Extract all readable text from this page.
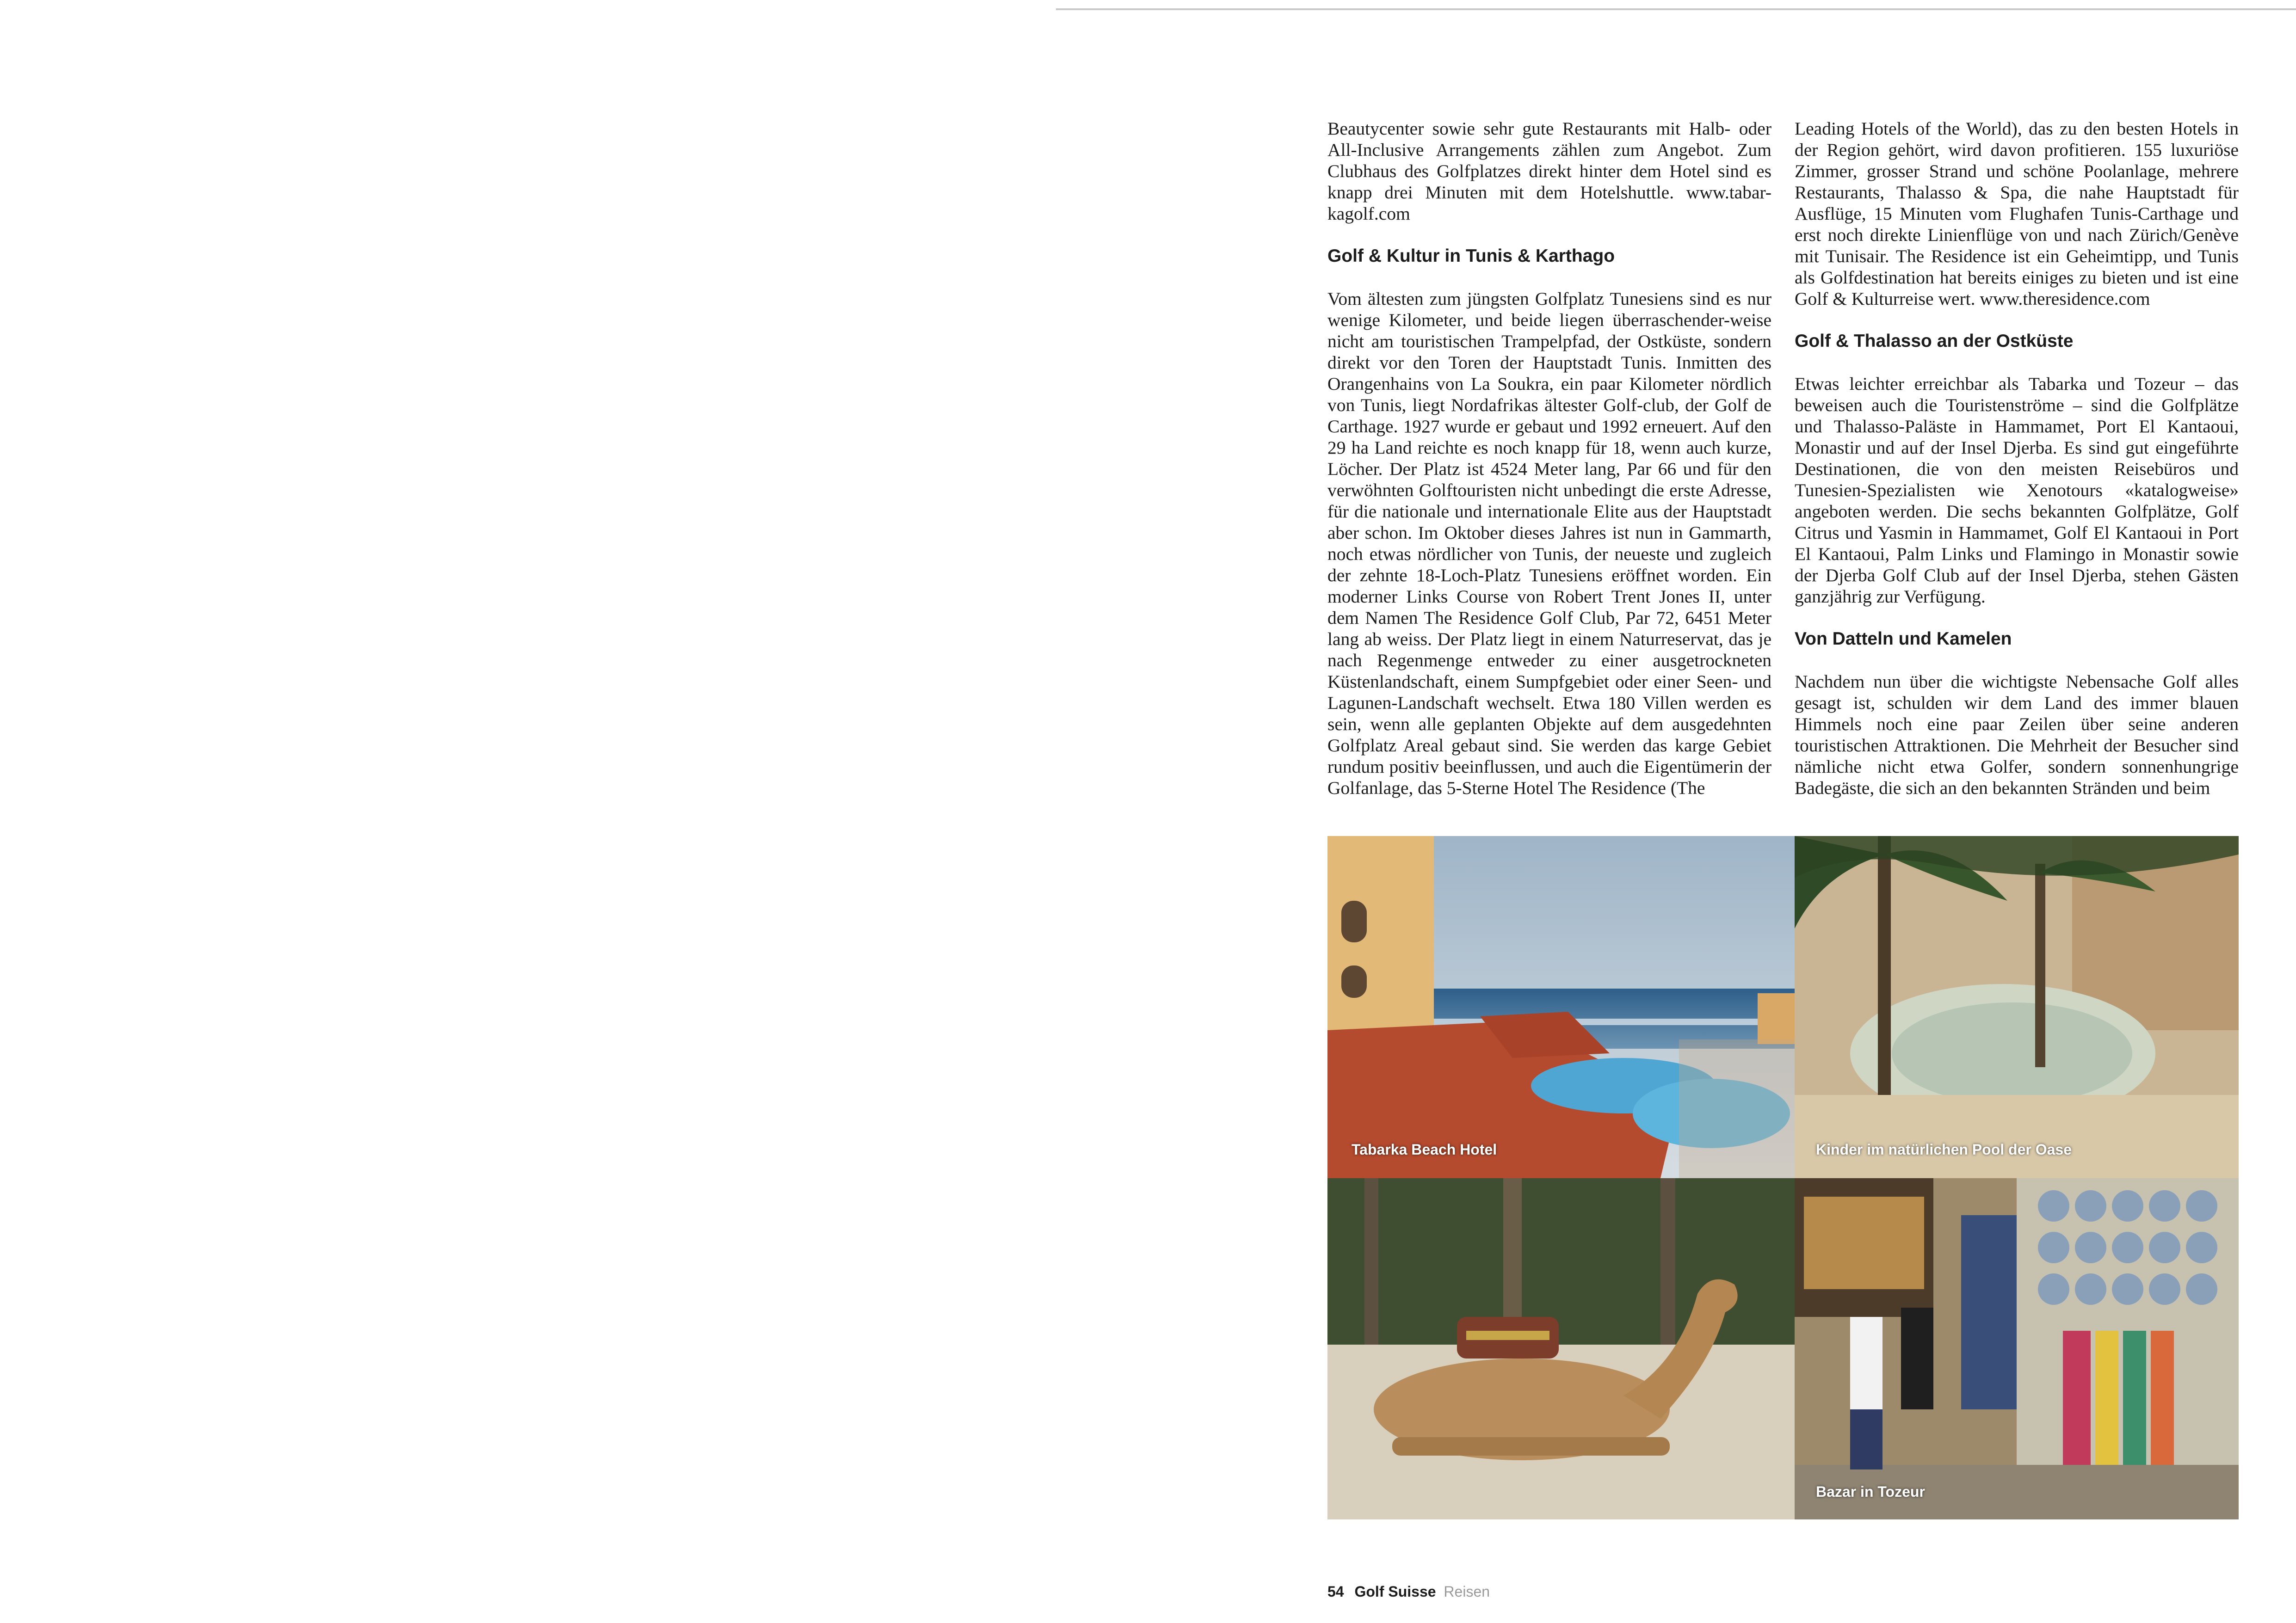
Beautycenter sowie sehr gute Restaurants mit Halb- oder All-Inclusive Arrangements zählen zum Angebot. Zum Clubhaus des Golfplatzes direkt hinter dem Hotel sind es knapp drei Minuten mit dem Hotelshuttle. www.tabar-kagolf.com

Golf & Kultur in Tunis & Karthago

Vom ältesten zum jüngsten Golfplatz Tunesiens sind es nur wenige Kilometer, und beide liegen überraschender-weise nicht am touristischen Trampelpfad, der Ostküste, sondern direkt vor den Toren der Hauptstadt Tunis. Inmitten des Orangenhains von La Soukra, ein paar Kilometer nördlich von Tunis, liegt Nordafrikas ältester Golf-club, der Golf de Carthage. 1927 wurde er gebaut und 1992 erneuert. Auf den 29 ha Land reichte es noch knapp für 18, wenn auch kurze, Löcher. Der Platz ist 4524 Meter lang, Par 66 und für den verwöhnten Golftouristen nicht unbedingt die erste Adresse, für die nationale und internationale Elite aus der Hauptstadt aber schon. Im Oktober dieses Jahres ist nun in Gammarth, noch etwas nördlicher von Tunis, der neueste und zugleich der zehnte 18-Loch-Platz Tunesiens eröffnet worden. Ein moderner Links Course von Robert Trent Jones II, unter dem Namen The Residence Golf Club, Par 72, 6451 Meter lang ab weiss. Der Platz liegt in einem Naturreservat, das je nach Regenmenge entweder zu einer ausgetrockneten Küstenlandschaft, einem Sumpfgebiet oder einer Seen- und Lagunen-Landschaft wechselt. Etwa 180 Villen werden es sein, wenn alle geplanten Objekte auf dem ausgedehnten Golfplatz Areal gebaut sind. Sie werden das karge Gebiet rundum positiv beeinflussen, und auch die Eigentümerin der Golfanlage, das 5-Sterne Hotel The Residence (The

Leading Hotels of the World), das zu den besten Hotels in der Region gehört, wird davon profitieren. 155 luxuriöse Zimmer, grosser Strand und schöne Poolanlage, mehrere Restaurants, Thalasso & Spa, die nahe Hauptstadt für Ausflüge, 15 Minuten vom Flughafen Tunis-Carthage und erst noch direkte Linienflüge von und nach Zürich/Genève mit Tunisair. The Residence ist ein Geheimtipp, und Tunis als Golfdestination hat bereits einiges zu bieten und ist eine Golf & Kulturreise wert. www.theresidence.com

Golf & Thalasso an der Ostküste

Etwas leichter erreichbar als Tabarka und Tozeur – das beweisen auch die Touristenströme – sind die Golfplätze und Thalasso-Paläste in Hammamet, Port El Kantaoui, Monastir und auf der Insel Djerba. Es sind gut eingeführte Destinationen, die von den meisten Reisebüros und Tunesien-Spezialisten wie Xenotours «katalogweise» angeboten werden. Die sechs bekannten Golfplätze, Golf Citrus und Yasmin in Hammamet, Golf El Kantaoui in Port El Kantaoui, Palm Links und Flamingo in Monastir sowie der Djerba Golf Club auf der Insel Djerba, stehen Gästen ganzjährig zur Verfügung.

Von Datteln und Kamelen

Nachdem nun über die wichtigste Nebensache Golf alles gesagt ist, schulden wir dem Land des immer blauen Himmels noch eine paar Zeilen über seine anderen touristischen Attraktionen. Die Mehrheit der Besucher sind nämliche nicht etwa Golfer, sondern sonnenhungrige Badegäste, die sich an den bekannten Stränden und beim

Tabarka Beach Hotel	Kinder im natürlichen Pool der Oase
Bazar in Tozeur
54 Golf Suisse Reisen
